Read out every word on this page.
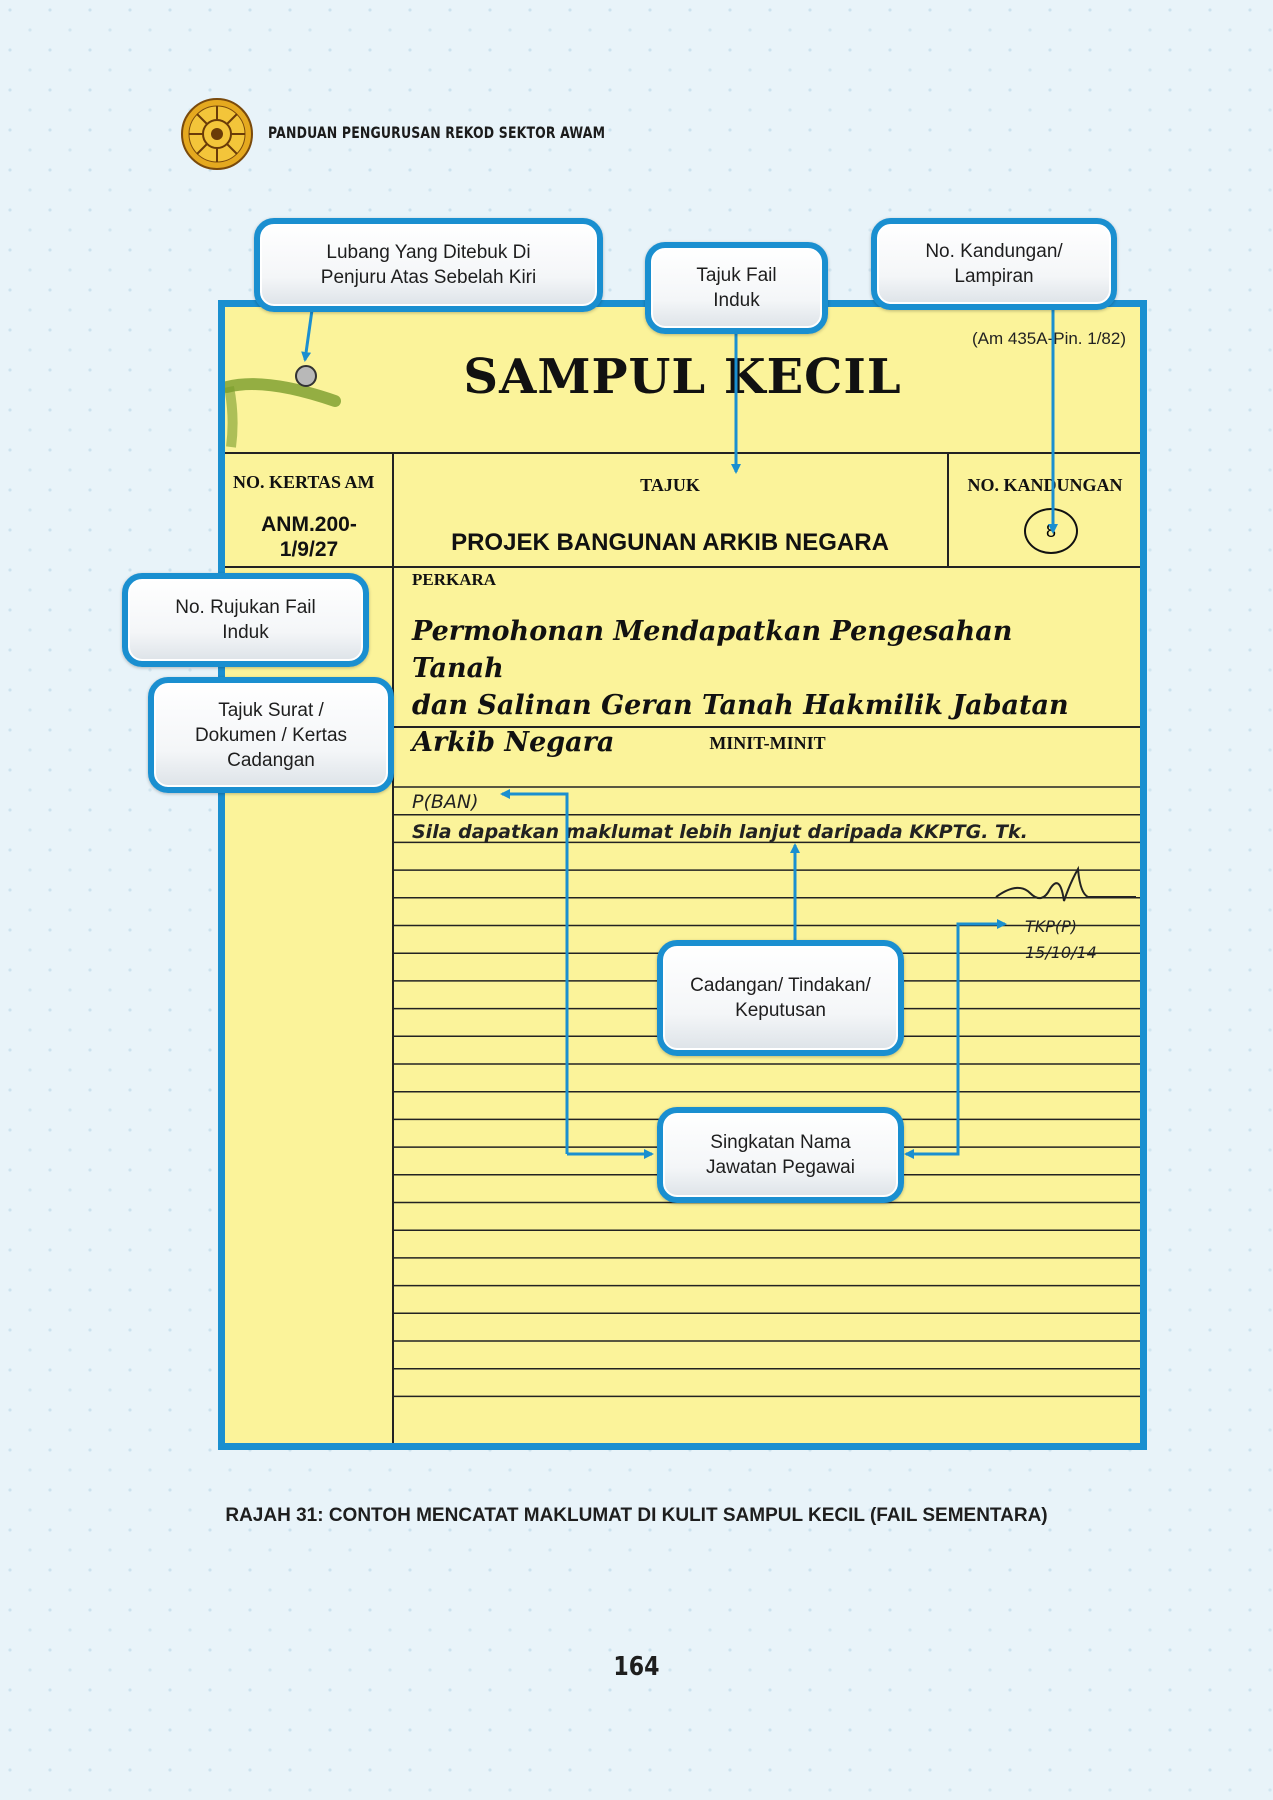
PANDUAN PENGURUSAN REKOD SEKTOR AWAM
(Am 435A-Pin. 1/82)
SAMPUL KECIL
NO. KERTAS AM
ANM.200-
1/9/27
TAJUK
PROJEK BANGUNAN ARKIB NEGARA
NO. KANDUNGAN
8
PERKARA
Permohonan Mendapatkan Pengesahan Tanah
dan Salinan Geran Tanah Hakmilik Jabatan
Arkib Negara	MINIT-MINIT
P(BAN)
Sila dapatkan maklumat lebih lanjut daripada KKPTG. Tk.
TKP(P)
15/10/14
Lubang Yang Ditebuk Di
Penjuru Atas Sebelah Kiri	Tajuk Fail
Induk
No. Kandungan/
Lampiran
No. Rujukan Fail
Induk
Tajuk Surat /
Dokumen / Kertas
Cadangan
Cadangan/ Tindakan/
Keputusan
Singkatan Nama
Jawatan Pegawai
RAJAH 31: CONTOH MENCATAT MAKLUMAT DI KULIT SAMPUL KECIL (FAIL SEMENTARA)
164
